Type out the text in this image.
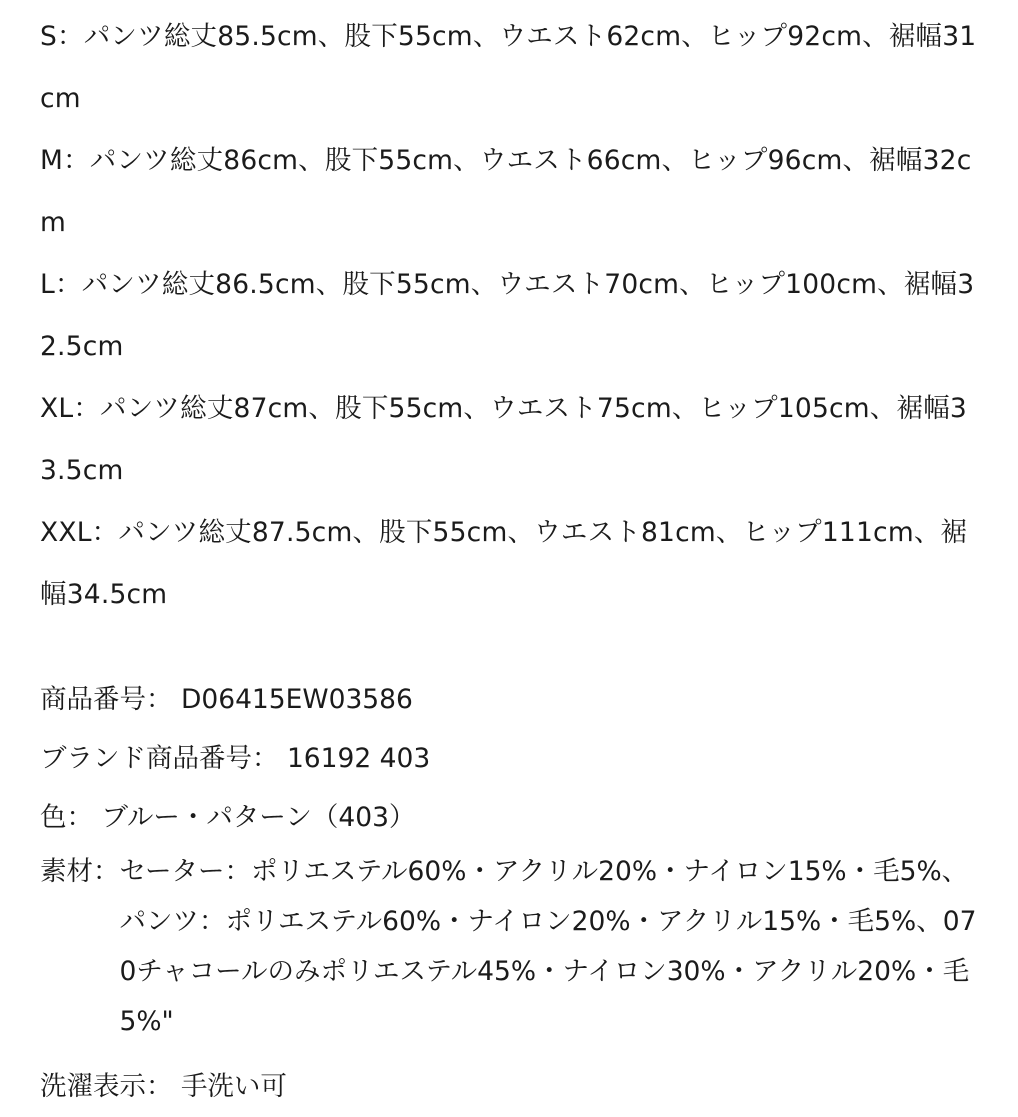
S：パンツ総丈85.5cm、股下55cm、ウエスト62cm、ヒップ92cm、裾幅31cm

M：パンツ総丈86cm、股下55cm、ウエスト66cm、ヒップ96cm、裾幅32cm

L：パンツ総丈86.5cm、股下55cm、ウエスト70cm、ヒップ100cm、裾幅32.5cm

XL：パンツ総丈87cm、股下55cm、ウエスト75cm、ヒップ105cm、裾幅33.5cm

XXL：パンツ総丈87.5cm、股下55cm、ウエスト81cm、ヒップ111cm、裾幅34.5cm

商品番号： D06415EW03586
ブランド商品番号： 16192 403
色： ブルー・パターン（403）
素材： セーター：ポリエステル60%・アクリル20%・ナイロン15%・毛5%、パンツ：ポリエステル60%・ナイロン20%・アクリル15%・毛5%、070チャコールのみポリエステル45%・ナイロン30%・アクリル20%・毛5%"
洗濯表示： 手洗い可
